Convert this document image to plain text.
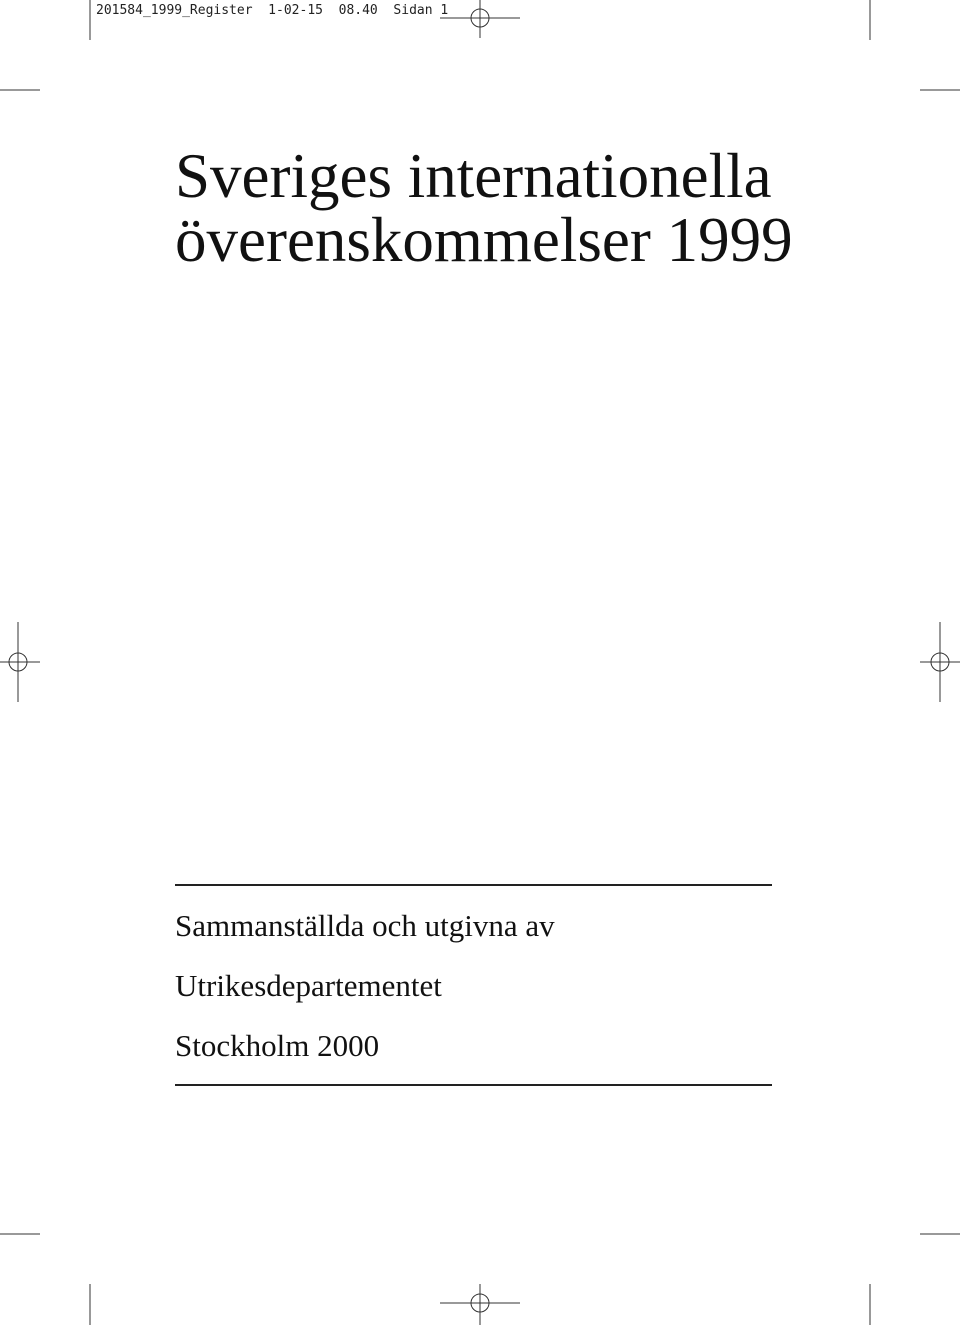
201584_1999_Register  1-02-15  08.40  Sidan 1
Sveriges internationella
överenskommelser 1999
Sammanställda och utgivna av
Utrikesdepartementet
Stockholm 2000
